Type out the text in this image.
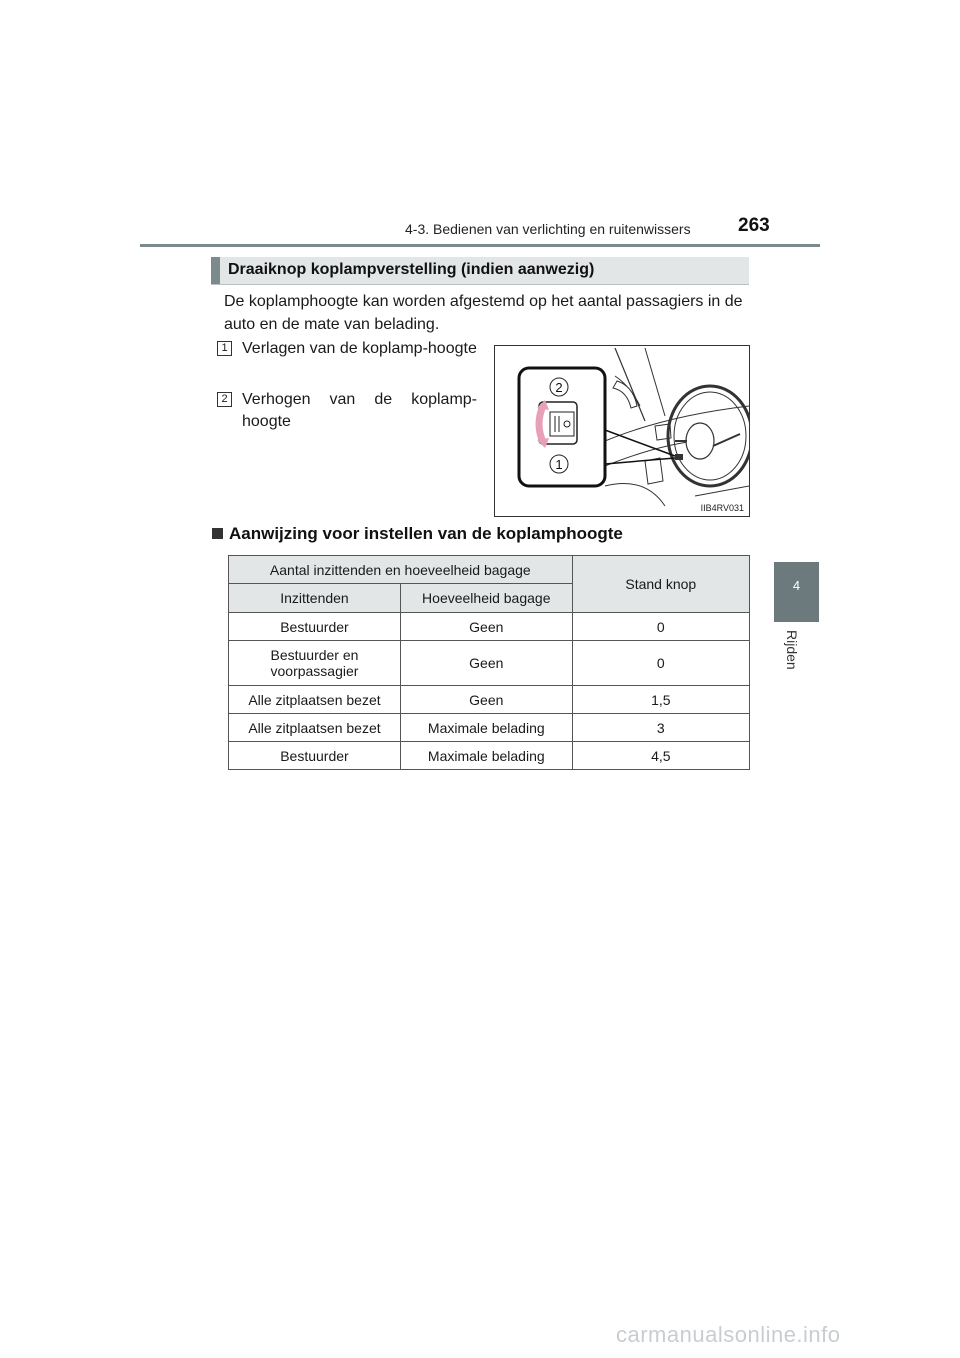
4-3. Bedienen van verlichting en ruitenwissers 263
4
Rijden
Draaiknop koplampverstelling (indien aanwezig)
De koplamphoogte kan worden afgestemd op het aantal passagiers in de auto en de mate van belading.
1 Verlagen van de koplamp-hoogte
2 Verhogen van de koplamp-hoogte
2
1
IIB4RV031
Aanwijzing voor instellen van de koplamphoogte
Aantal inzittenden en hoeveelheid bagage		Stand knop
Inzittenden	Hoeveelheid bagage	
Bestuurder	Geen	0
Bestuurder en voorpassagier	Geen	0
Alle zitplaatsen bezet	Geen	1,5
Alle zitplaatsen bezet	Maximale belading	3
Bestuurder	Maximale belading	4,5
carmanualsonline.info
